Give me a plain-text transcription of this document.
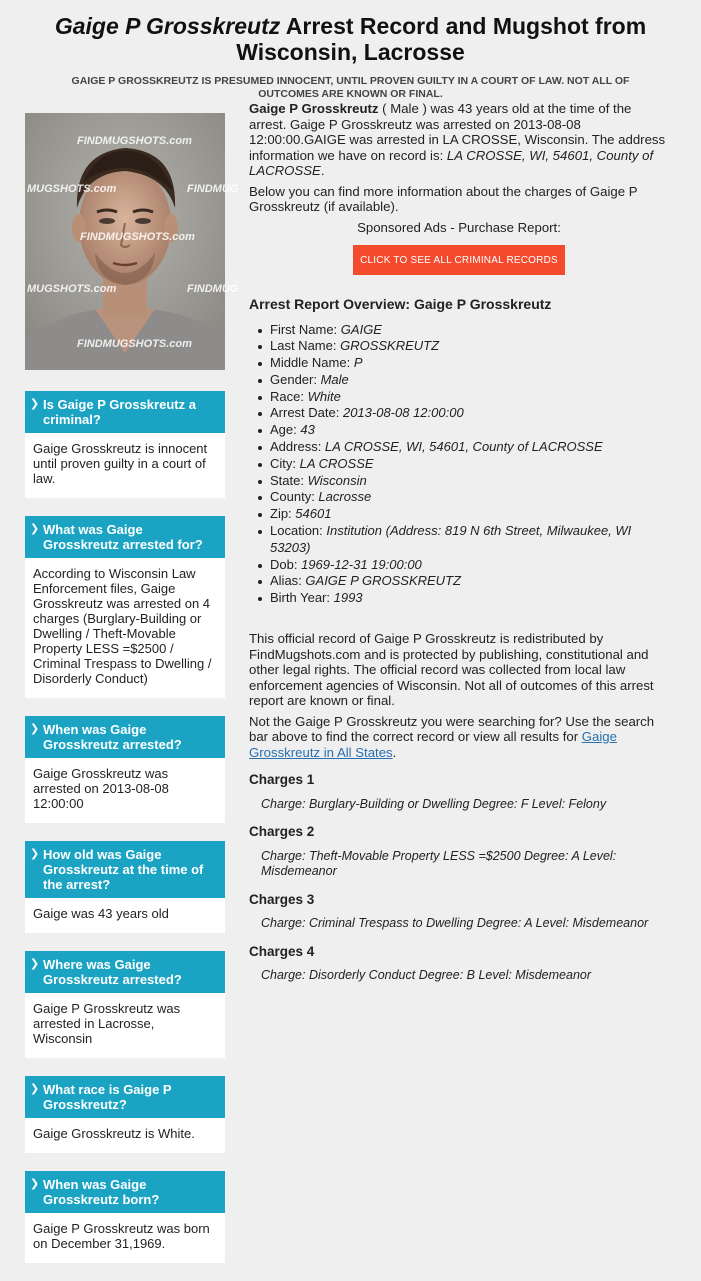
Gaige P Grosskreutz Arrest Record and Mugshot from Wisconsin, Lacrosse
GAIGE P GROSSKREUTZ IS PRESUMED INNOCENT, UNTIL PROVEN GUILTY IN A COURT OF LAW. NOT ALL OF OUTCOMES ARE KNOWN OR FINAL.
FINDMUGSHOTS.com
MUGSHOTS.com	FINDMUG
FINDMUGSHOTS.com
MUGSHOTS.com	FINDMUG
FINDMUGSHOTS.com
❯ Is Gaige P Grosskreutz a criminal?
Gaige Grosskreutz is innocent until proven guilty in a court of law.
❯ What was Gaige Grosskreutz arrested for?
According to Wisconsin Law Enforcement files, Gaige Grosskreutz was arrested on 4 charges (Burglary-Building or Dwelling / Theft-Movable Property LESS =$2500 / Criminal Trespass to Dwelling / Disorderly Conduct)
❯ When was Gaige Grosskreutz arrested?
Gaige Grosskreutz was arrested on 2013-08-08 12:00:00
❯ How old was Gaige Grosskreutz at the time of the arrest?
Gaige was 43 years old
❯ Where was Gaige Grosskreutz arrested?
Gaige P Grosskreutz was arrested in Lacrosse, Wisconsin
❯ What race is Gaige P Grosskreutz?
Gaige Grosskreutz is White.
❯ When was Gaige Grosskreutz born?
Gaige P Grosskreutz was born on December 31,1969.

Gaige P Grosskreutz ( Male ) was 43 years old at the time of the arrest. Gaige P Grosskreutz was arrested on 2013-08-08 12:00:00.GAIGE was arrested in LA CROSSE, Wisconsin. The address information we have on record is: LA CROSSE, WI, 54601, County of LACROSSE.

Below you can find more information about the charges of Gaige P Grosskreutz (if available).

Sponsored Ads - Purchase Report:

CLICK TO SEE ALL CRIMINAL RECORDS
Arrest Report Overview: Gaige P Grosskreutz
First Name: GAIGE
Last Name: GROSSKREUTZ
Middle Name: P
Gender: Male
Race: White
Arrest Date: 2013-08-08 12:00:00
Age: 43
Address: LA CROSSE, WI, 54601, County of LACROSSE
City: LA CROSSE
State: Wisconsin
County: Lacrosse
Zip: 54601
Location: Institution (Address: 819 N 6th Street, Milwaukee, WI 53203)
Dob: 1969-12-31 19:00:00
Alias: GAIGE P GROSSKREUTZ
Birth Year: 1993

This official record of Gaige P Grosskreutz is redistributed by FindMugshots.com and is protected by publishing, constitutional and other legal rights. The official record was collected from local law enforcement agencies of Wisconsin. Not all of outcomes of this arrest report are known or final.

Not the Gaige P Grosskreutz you were searching for? Use the search bar above to find the correct record or view all results for Gaige Grosskreutz in All States.

Charges 1
Charge: Burglary-Building or Dwelling Degree: F Level: Felony
Charges 2
Charge: Theft-Movable Property LESS =$2500 Degree: A Level: Misdemeanor
Charges 3
Charge: Criminal Trespass to Dwelling Degree: A Level: Misdemeanor
Charges 4
Charge: Disorderly Conduct Degree: B Level: Misdemeanor
